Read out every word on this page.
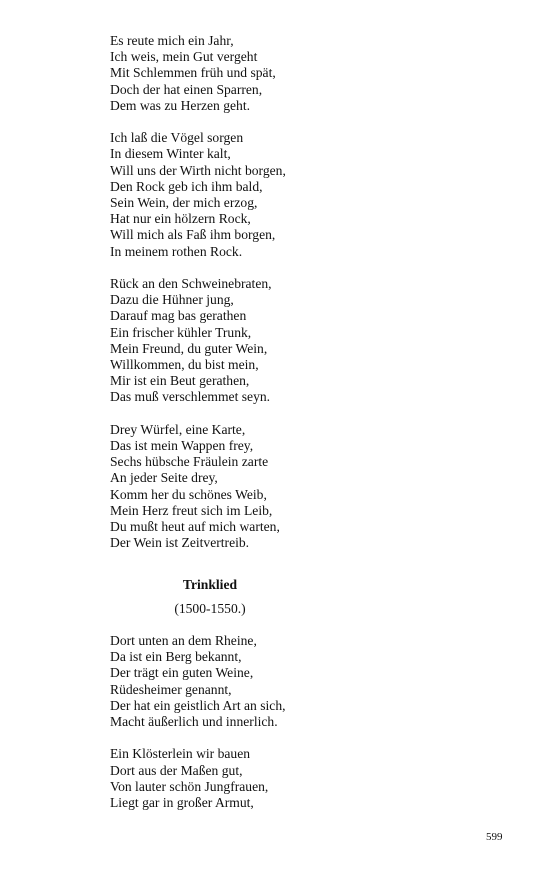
Es reute mich ein Jahr,
Ich weis, mein Gut vergeht
Mit Schlemmen früh und spät,
Doch der hat einen Sparren,
Dem was zu Herzen geht.
Ich laß die Vögel sorgen
In diesem Winter kalt,
Will uns der Wirth nicht borgen,
Den Rock geb ich ihm bald,
Sein Wein, der mich erzog,
Hat nur ein hölzern Rock,
Will mich als Faß ihm borgen,
In meinem rothen Rock.
Rück an den Schweinebraten,
Dazu die Hühner jung,
Darauf mag bas gerathen
Ein frischer kühler Trunk,
Mein Freund, du guter Wein,
Willkommen, du bist mein,
Mir ist ein Beut gerathen,
Das muß verschlemmet seyn.
Drey Würfel, eine Karte,
Das ist mein Wappen frey,
Sechs hübsche Fräulein zarte
An jeder Seite drey,
Komm her du schönes Weib,
Mein Herz freut sich im Leib,
Du mußt heut auf mich warten,
Der Wein ist Zeitvertreib.
Trinklied
(1500-1550.)
Dort unten an dem Rheine,
Da ist ein Berg bekannt,
Der trägt ein guten Weine,
Rüdesheimer genannt,
Der hat ein geistlich Art an sich,
Macht äußerlich und innerlich.
Ein Klösterlein wir bauen
Dort aus der Maßen gut,
Von lauter schön Jungfrauen,
Liegt gar in großer Armut,
599
